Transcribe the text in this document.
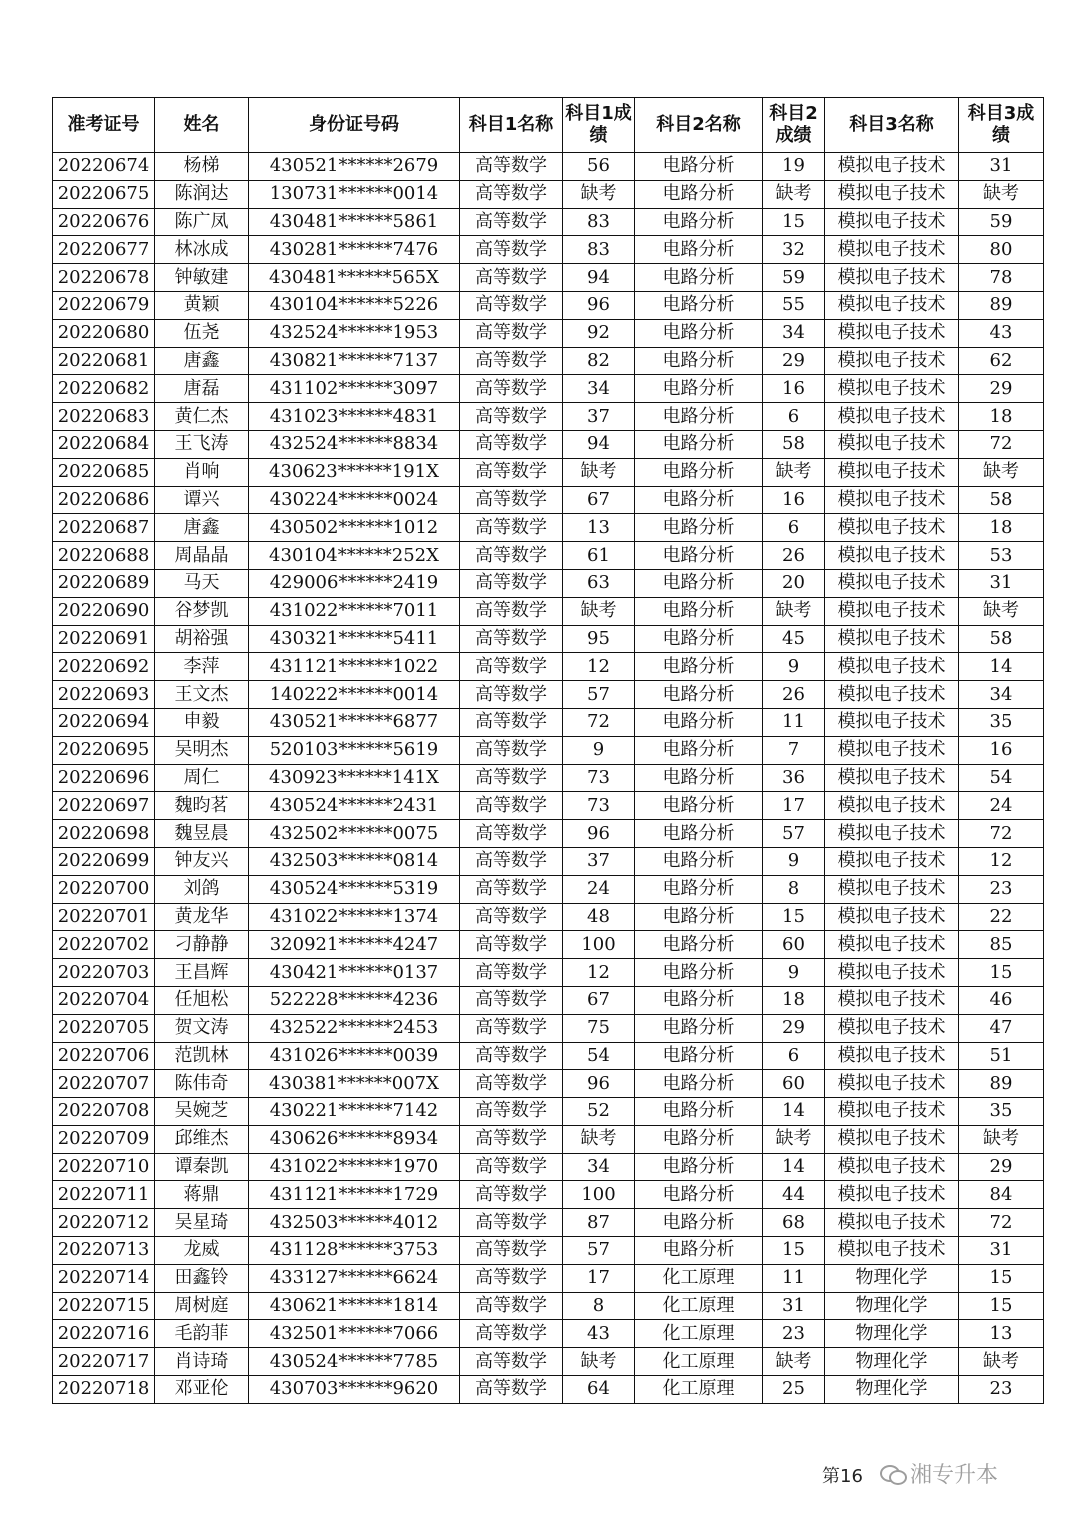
准考证号	姓名	身份证号码	科目1名称	科目1成绩	科目2名称	科目2成绩	科目3名称	科目3成绩
20220674	杨梯	430521******2679	高等数学	56	电路分析	19	模拟电子技术	31
20220675	陈润达	130731******0014	高等数学	缺考	电路分析	缺考	模拟电子技术	缺考
20220676	陈广凤	430481******5861	高等数学	83	电路分析	15	模拟电子技术	59
20220677	林冰成	430281******7476	高等数学	83	电路分析	32	模拟电子技术	80
20220678	钟敏建	430481******565X	高等数学	94	电路分析	59	模拟电子技术	78
20220679	黄颖	430104******5226	高等数学	96	电路分析	55	模拟电子技术	89
20220680	伍尧	432524******1953	高等数学	92	电路分析	34	模拟电子技术	43
20220681	唐鑫	430821******7137	高等数学	82	电路分析	29	模拟电子技术	62
20220682	唐磊	431102******3097	高等数学	34	电路分析	16	模拟电子技术	29
20220683	黄仁杰	431023******4831	高等数学	37	电路分析	6	模拟电子技术	18
20220684	王飞涛	432524******8834	高等数学	94	电路分析	58	模拟电子技术	72
20220685	肖响	430623******191X	高等数学	缺考	电路分析	缺考	模拟电子技术	缺考
20220686	谭兴	430224******0024	高等数学	67	电路分析	16	模拟电子技术	58
20220687	唐鑫	430502******1012	高等数学	13	电路分析	6	模拟电子技术	18
20220688	周晶晶	430104******252X	高等数学	61	电路分析	26	模拟电子技术	53
20220689	马天	429006******2419	高等数学	63	电路分析	20	模拟电子技术	31
20220690	谷梦凯	431022******7011	高等数学	缺考	电路分析	缺考	模拟电子技术	缺考
20220691	胡裕强	430321******5411	高等数学	95	电路分析	45	模拟电子技术	58
20220692	李萍	431121******1022	高等数学	12	电路分析	9	模拟电子技术	14
20220693	王文杰	140222******0014	高等数学	57	电路分析	26	模拟电子技术	34
20220694	申毅	430521******6877	高等数学	72	电路分析	11	模拟电子技术	35
20220695	吴明杰	520103******5619	高等数学	9	电路分析	7	模拟电子技术	16
20220696	周仁	430923******141X	高等数学	73	电路分析	36	模拟电子技术	54
20220697	魏昀茗	430524******2431	高等数学	73	电路分析	17	模拟电子技术	24
20220698	魏昱晨	432502******0075	高等数学	96	电路分析	57	模拟电子技术	72
20220699	钟友兴	432503******0814	高等数学	37	电路分析	9	模拟电子技术	12
20220700	刘鸽	430524******5319	高等数学	24	电路分析	8	模拟电子技术	23
20220701	黄龙华	431022******1374	高等数学	48	电路分析	15	模拟电子技术	22
20220702	刁静静	320921******4247	高等数学	100	电路分析	60	模拟电子技术	85
20220703	王昌辉	430421******0137	高等数学	12	电路分析	9	模拟电子技术	15
20220704	任旭松	522228******4236	高等数学	67	电路分析	18	模拟电子技术	46
20220705	贺文涛	432522******2453	高等数学	75	电路分析	29	模拟电子技术	47
20220706	范凯林	431026******0039	高等数学	54	电路分析	6	模拟电子技术	51
20220707	陈伟奇	430381******007X	高等数学	96	电路分析	60	模拟电子技术	89
20220708	吴婉芝	430221******7142	高等数学	52	电路分析	14	模拟电子技术	35
20220709	邱维杰	430626******8934	高等数学	缺考	电路分析	缺考	模拟电子技术	缺考
20220710	谭秦凯	431022******1970	高等数学	34	电路分析	14	模拟电子技术	29
20220711	蒋鼎	431121******1729	高等数学	100	电路分析	44	模拟电子技术	84
20220712	吴星琦	432503******4012	高等数学	87	电路分析	68	模拟电子技术	72
20220713	龙威	431128******3753	高等数学	57	电路分析	15	模拟电子技术	31
20220714	田鑫铃	433127******6624	高等数学	17	化工原理	11	物理化学	15
20220715	周树庭	430621******1814	高等数学	8	化工原理	31	物理化学	15
20220716	毛韵菲	432501******7066	高等数学	43	化工原理	23	物理化学	13
20220717	肖诗琦	430524******7785	高等数学	缺考	化工原理	缺考	物理化学	缺考
20220718	邓亚伦	430703******9620	高等数学	64	化工原理	25	物理化学	23
第16 湘专升本
